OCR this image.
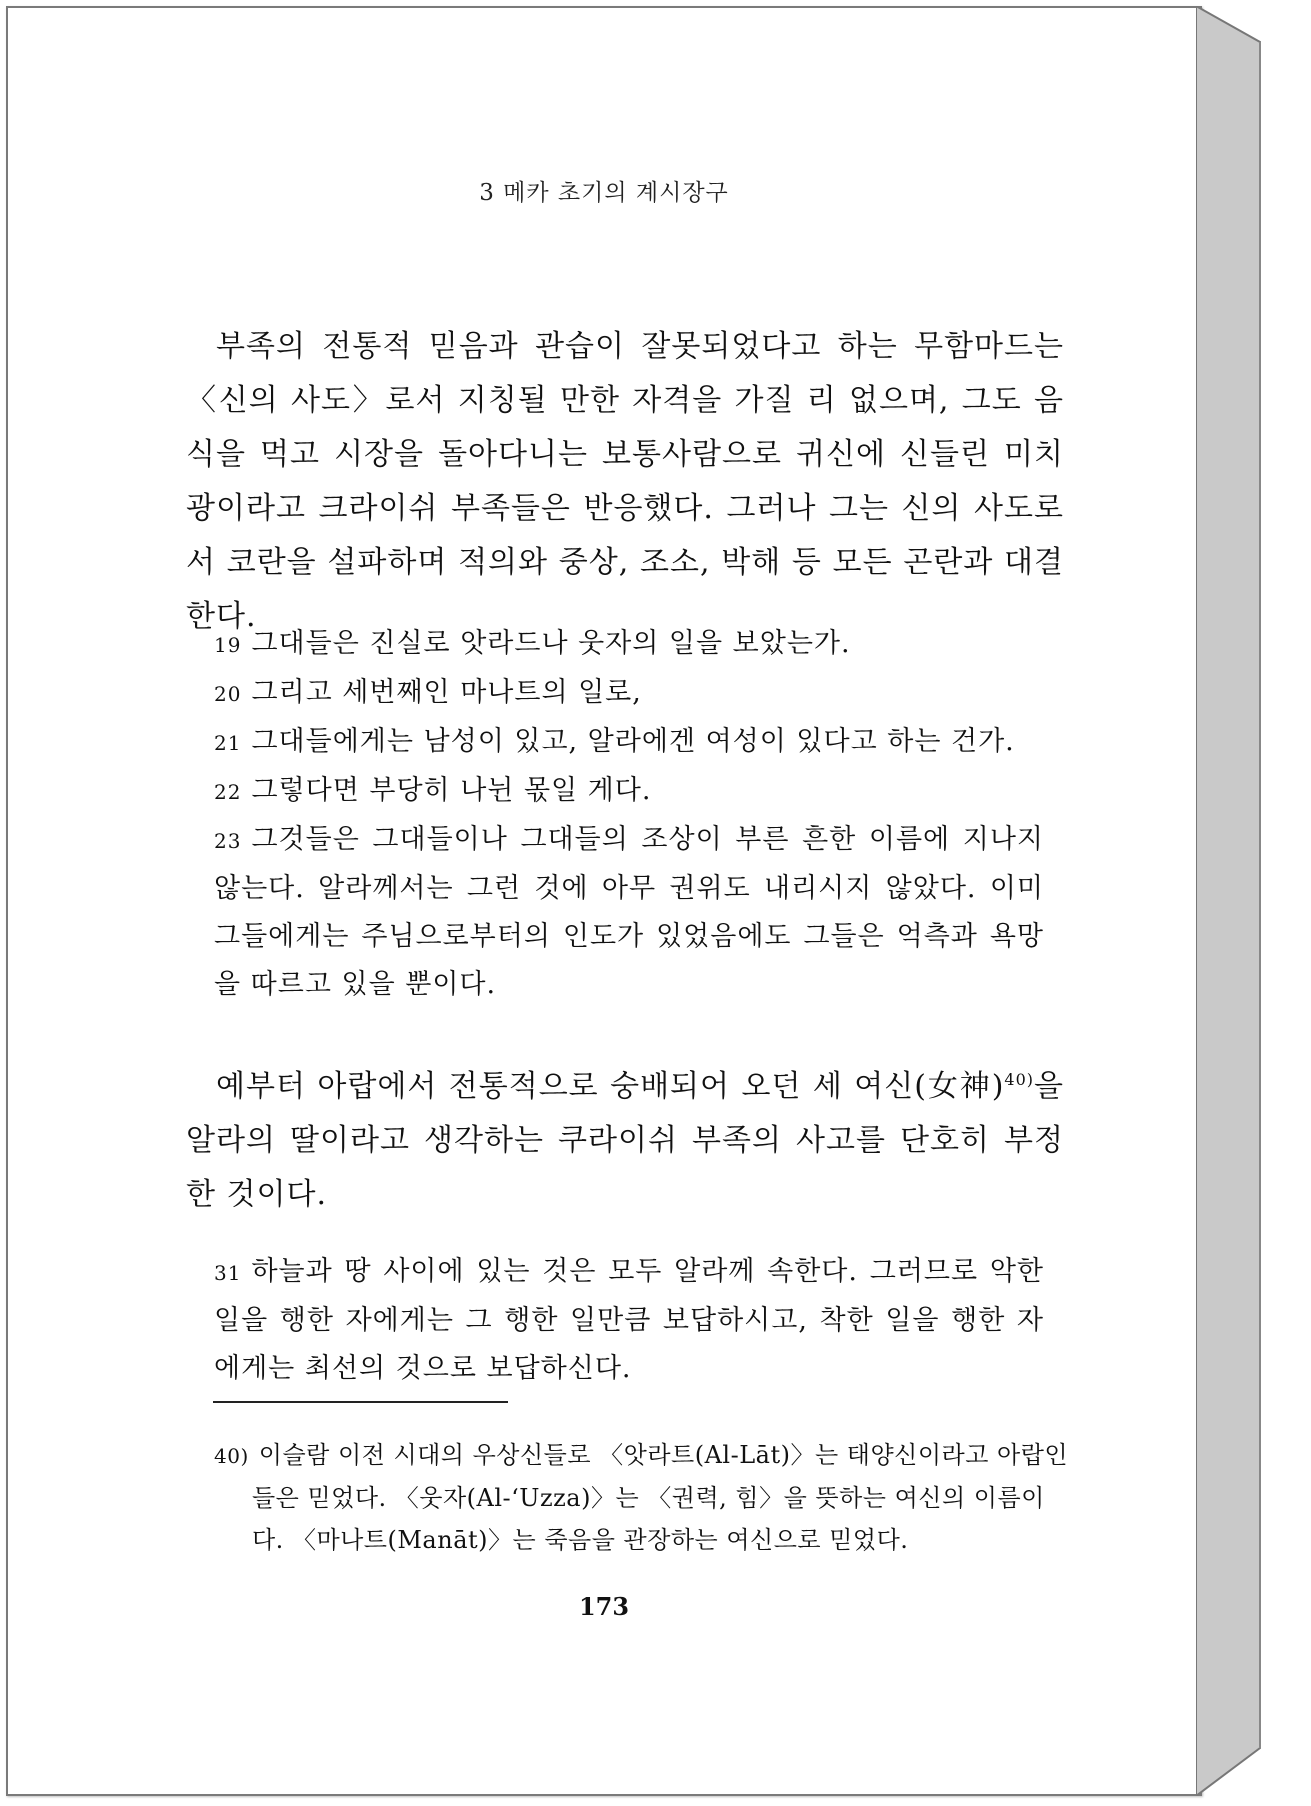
3 메카 초기의 계시장구
부족의 전통적 믿음과 관습이 잘못되었다고 하는 무함마드는 〈신의 사도〉로서 지칭될 만한 자격을 가질 리 없으며, 그도 음식을 먹고 시장을 돌아다니는 보통사람으로 귀신에 신들린 미치광이라고 크라이쉬 부족들은 반응했다. 그러나 그는 신의 사도로서 코란을 설파하며 적의와 중상, 조소, 박해 등 모든 곤란과 대결한다.

19 그대들은 진실로 앗라드나 웃자의 일을 보았는가.

20 그리고 세번째인 마나트의 일로,

21 그대들에게는 남성이 있고, 알라에겐 여성이 있다고 하는 건가.

22 그렇다면 부당히 나뉜 몫일 게다.

23 그것들은 그대들이나 그대들의 조상이 부른 흔한 이름에 지나지 않는다. 알라께서는 그런 것에 아무 권위도 내리시지 않았다. 이미 그들에게는 주님으로부터의 인도가 있었음에도 그들은 억측과 욕망을 따르고 있을 뿐이다.

예부터 아랍에서 전통적으로 숭배되어 오던 세 여신(女神)$^{40)}$을 알라의 딸이라고 생각하는 쿠라이쉬 부족의 사고를 단호히 부정한 것이다.

31 하늘과 땅 사이에 있는 것은 모두 알라께 속한다. 그러므로 악한 일을 행한 자에게는 그 행한 일만큼 보답하시고, 착한 일을 행한 자에게는 최선의 것으로 보답하신다.

40) 이슬람 이전 시대의 우상신들로 〈앗라트(Al-Lāt)〉는 태양신이라고 아랍인들은 믿었다. 〈웃자(Al-‘Uzza)〉는 〈권력, 힘〉을 뜻하는 여신의 이름이다. 〈마나트(Manāt)〉는 죽음을 관장하는 여신으로 믿었다.
173
